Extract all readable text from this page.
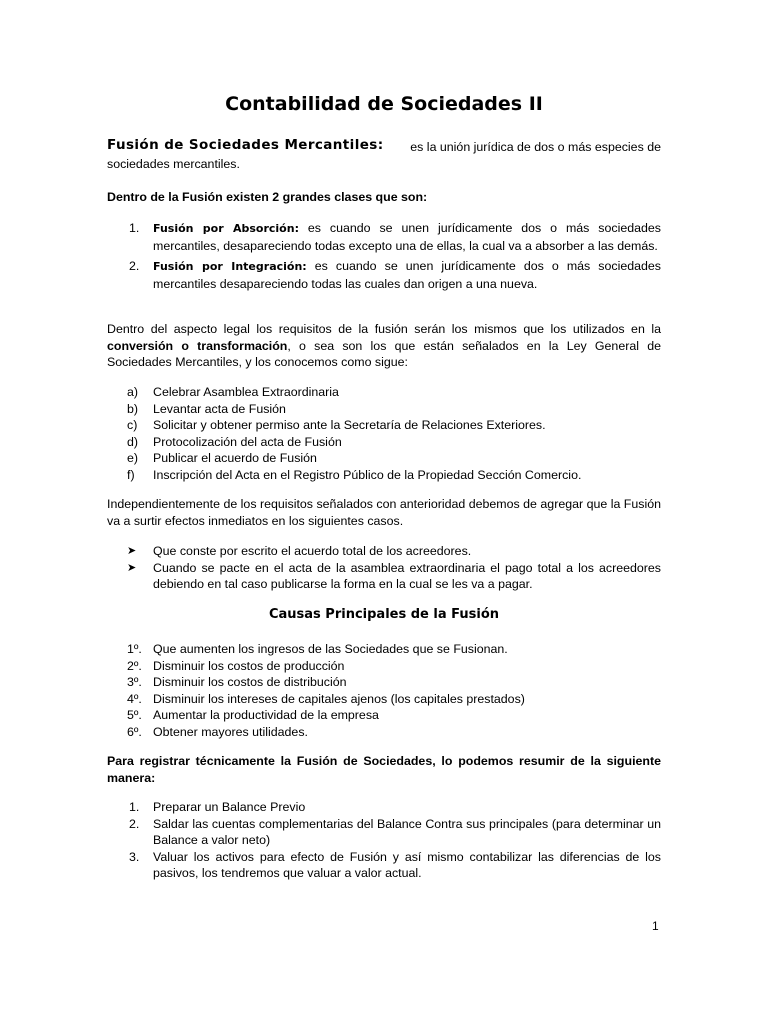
Contabilidad de Sociedades II
Fusión de Sociedades Mercantiles: es la unión jurídica de dos o más especies de

sociedades mercantiles.

Dentro de la Fusión existen 2 grandes clases que son:
1. Fusión por Absorción: es cuando se unen jurídicamente dos o más sociedades mercantiles, desapareciendo todas excepto una de ellas, la cual va a absorber a las demás.
2. Fusión por Integración: es cuando se unen jurídicamente dos o más sociedades mercantiles desapareciendo todas las cuales dan origen a una nueva.

Dentro del aspecto legal los requisitos de la fusión serán los mismos que los utilizados en la conversión o transformación, o sea son los que están señalados en la Ley General de Sociedades Mercantiles, y los conocemos como sigue:

a) Celebrar Asamblea Extraordinaria
b) Levantar acta de Fusión
c) Solicitar y obtener permiso ante la Secretaría de Relaciones Exteriores.
d) Protocolización del acta de Fusión
e) Publicar el acuerdo de Fusión
f) Inscripción del Acta en el Registro Público de la Propiedad Sección Comercio.

Independientemente de los requisitos señalados con anterioridad debemos de agregar que la Fusión va a surtir efectos inmediatos en los siguientes casos.

➤ Que conste por escrito el acuerdo total de los acreedores.
➤ Cuando se pacte en el acta de la asamblea extraordinaria el pago total a los acreedores debiendo en tal caso publicarse la forma en la cual se les va a pagar.
Causas Principales de la Fusión
1º. Que aumenten los ingresos de las Sociedades que se Fusionan.
2º. Disminuir los costos de producción
3º. Disminuir los costos de distribución
4º. Disminuir los intereses de capitales ajenos (los capitales prestados)
5º. Aumentar la productividad de la empresa
6º. Obtener mayores utilidades.

Para registrar técnicamente la Fusión de Sociedades, lo podemos resumir de la siguiente manera:

1. Preparar un Balance Previo
2. Saldar las cuentas complementarias del Balance Contra sus principales (para determinar un Balance a valor neto)
3. Valuar los activos para efecto de Fusión y así mismo contabilizar las diferencias de los pasivos, los tendremos que valuar a valor actual.
1
